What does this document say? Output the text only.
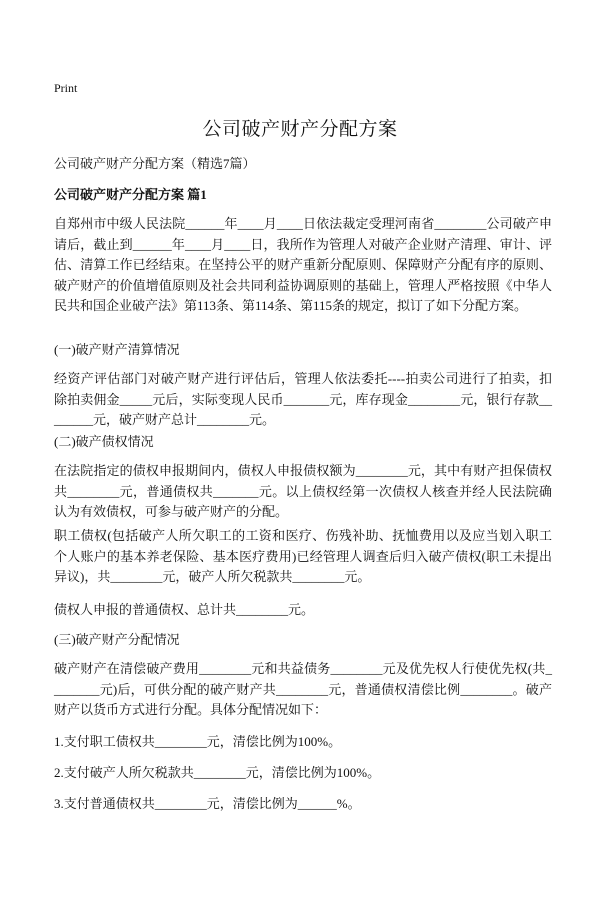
Print
公司破产财产分配方案
公司破产财产分配方案（精选7篇）
公司破产财产分配方案 篇1

自郑州市中级人民法院______年____月____日依法裁定受理河南省________公司破产申请后，截止到______年____月____日，我所作为管理人对破产企业财产清理、审计、评估、清算工作已经结束。在坚持公平的财产重新分配原则、保障财产分配有序的原则、破产财产的价值增值原则及社会共同利益协调原则的基础上，管理人严格按照《中华人民共和国企业破产法》第113条、第114条、第115条的规定，拟订了如下分配方案。

(一)破产财产清算情况

经资产评估部门对破产财产进行评估后，管理人依法委托----拍卖公司进行了拍卖，扣除拍卖佣金_____元后，实际变现人民币_______元，库存现金________元，银行存款________元，破产财产总计________元。

(二)破产债权情况

在法院指定的债权申报期间内，债权人申报债权额为________元，其中有财产担保债权共________元，普通债权共_______元。以上债权经第一次债权人核查并经人民法院确认为有效债权，可参与破产财产的分配。

职工债权(包括破产人所欠职工的工资和医疗、伤残补助、抚恤费用以及应当划入职工个人账户的基本养老保险、基本医疗费用)已经管理人调查后归入破产债权(职工未提出异议)，共________元，破产人所欠税款共________元。

债权人申报的普通债权、总计共________元。
(三)破产财产分配情况

破产财产在清偿破产费用________元和共益债务________元及优先权人行使优先权(共________元)后，可供分配的破产财产共________元，普通债权清偿比例________。破产财产以货币方式进行分配。具体分配情况如下：

1.支付职工债权共________元，清偿比例为100%。
2.支付破产人所欠税款共________元，清偿比例为100%。
3.支付普通债权共________元，清偿比例为______%。
